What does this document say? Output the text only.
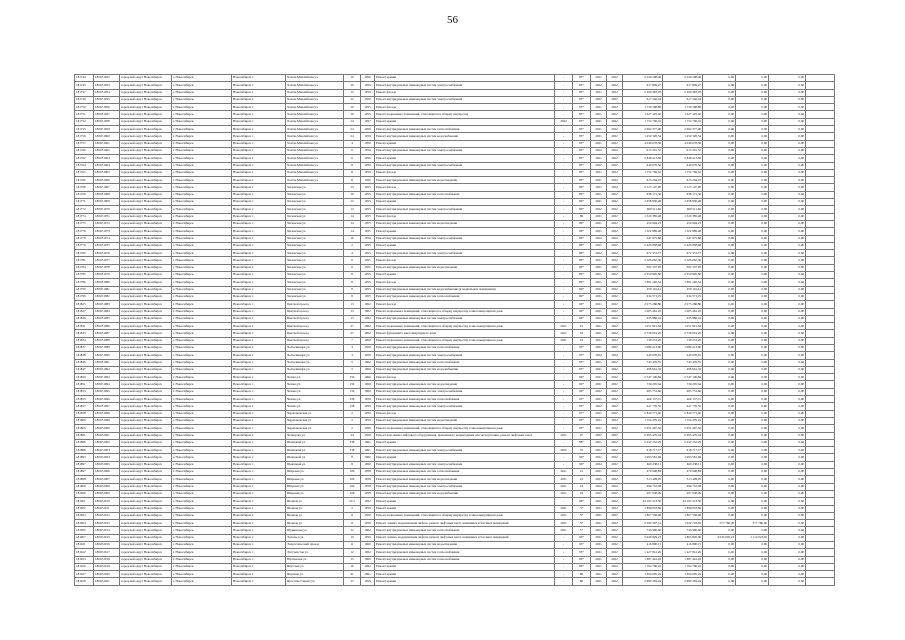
56
181744	1801E1952	городской округ Новосибирск	г. Новосибирск	Новосибирск г.	Ханты-Мансийская ул.	10	1956	Ремонт крыши	-	85*	2021	2022	2 540 298,42	2 540 298,42	0,00	0,00	0,00	
181745	1801E1953	городской округ Новосибирск	г. Новосибирск	Новосибирск г.	Ханты-Мансийская ул.	10	1956	Ремонт внутридомовых инженерных систем электроснабжения	-	85*	2022	2022	617 809,47	617 809,47	0,00	0,00	0,00	
181747	1801E1954	городской округ Новосибирск	г. Новосибирск	Новосибирск г.	Ханты-Мансийская ул.	12	1956	Ремонт фасада	-	85*	2021	2022	2 299 383,93	2 299 383,93	0,00	0,00	0,00	
181749	1801E1955	городской округ Новосибирск	г. Новосибирск	Новосибирск г.	Ханты-Мансийская ул.	12	1956	Ремонт внутридомовых инженерных систем электроснабжения	-	85*	2022	2022	617 246,24	617 246,24	0,00	0,00	0,00	
181750	1801E1956	городской округ Новосибирск	г. Новосибирск	Новосибирск г.	Ханты-Мансийская ул.	10	1955	Ремонт фасада	-	85*	2021	2022	1 730 398,88	1 730 398,88	0,00	0,00	0,00	
181751	1801E1957	городской округ Новосибирск	г. Новосибирск	Новосибирск г.	Ханты-Мансийская ул.	10	1955	Ремонт подвальных помещений, относящихся к общему имуществу	-	85*	2021	2022	1 627 293,40	1 627 293,40	0,00	0,00	0,00	
181752	1801E1958	городской округ Новосибирск	г. Новосибирск	Новосибирск г.	Ханты-Мансийская ул.	14	1957	Ремонт крыши	2022	85*	2021	2022	1 752 706,10	1 752 706,10	0,00	0,00	0,00	
181755	1801E1959	городской округ Новосибирск	г. Новосибирск	Новосибирск г.	Ханты-Мансийская ул.	24	1959	Ремонт внутридомовых инженерных систем теплоснабжения	-	85*	2021	2022	2 064 377,96	2 064 377,96	0,00	0,00	0,00	
181756	1801E1960	городской округ Новосибирск	г. Новосибирск	Новосибирск г.	Ханты-Мансийская ул.	24	1959	Ремонт внутридомовых инженерных систем водоснабжения	-	85*	2021	2022	1 450 320,54	1 450 320,54	0,00	0,00	0,00	
181757	1801E1961	городской округ Новосибирск	г. Новосибирск	Новосибирск г.	Ханты-Мансийская ул.	4	1956	Ремонт крыши	-	85*	2021	2022	4 049 670,38	4 049 670,38	0,00	0,00	0,00	
181760	1801E1962	городской округ Новосибирск	г. Новосибирск	Новосибирск г.	Ханты-Мансийская ул.	6	1956	Ремонт внутридомовых инженерных систем электроснабжения	-	85*	2022	2022	915 301,55	915 301,55	0,00	0,00	0,00	
181762	1801E1963	городской округ Новосибирск	г. Новосибирск	Новосибирск г.	Ханты-Мансийская ул.	6	1956	Ремонт крыши	-	85*	2021	2022	2 848 413,96	2 848 413,96	0,00	0,00	0,00	
181764	1801E1964	городской округ Новосибирск	г. Новосибирск	Новосибирск г.	Ханты-Мансийская ул.	8	1956	Ремонт внутридомовых инженерных систем электроснабжения	-	85*	2022	2022	449 676,56	449 676,56	0,00	0,00	0,00	
181765	1801E1965	городской округ Новосибирск	г. Новосибирск	Новосибирск г.	Ханты-Мансийская ул.	8	1956	Ремонт фасада	-	85*	2021	2022	1 752 706,10	1 752 706,10	0,00	0,00	0,00	
181766	1801E1966	городской округ Новосибирск	г. Новосибирск	Новосибирск г.	Ханты-Мансийская ул.	8	1956	Ремонт внутридомовых инженерных систем водоотведения	-	85*	2021	2022	413 264,47	413 264,47	0,00	0,00	0,00	
181768	1801E1967	городской округ Новосибирск	г. Новосибирск	Новосибирск г.	Хилокская ул.	13	1955	Ремонт фасада	-	89*	2021	2022	2 123 147,90	2 123 147,90	0,00	0,00	0,00	
181769	1801E1968	городской округ Новосибирск	г. Новосибирск	Новосибирск г.	Хилокская ул.	10	1955	Ремонт внутридомовых инженерных систем теплоснабжения	-	89*	2021	2022	658 171,36	658 171,36	0,00	0,00	0,00	
181771	1801E1969	городской округ Новосибирск	г. Новосибирск	Новосибирск г.	Хилокская ул.	12	1955	Ремонт крыши	-	89*	2021	2022	2 458 836,48	2 458 836,48	0,00	0,00	0,00	
181772	1801E1970	городской округ Новосибирск	г. Новосибирск	Новосибирск г.	Хилокская ул.	12	1955	Ремонт внутридомовых инженерных систем электроснабжения	-	89*	2022	2022	609 511,66	609 511,66	0,00	0,00	0,00	
181774	1801E1971	городской округ Новосибирск	г. Новосибирск	Новосибирск г.	Хилокская ул.	14	1955	Ремонт фасада	-	89	2021	2022	1 320 385,48	1 320 385,48	0,00	0,00	0,00	
181775	1801E1972	городской округ Новосибирск	г. Новосибирск	Новосибирск г.	Хилокская ул.	14	1955	Ремонт внутридомовых инженерных систем водоотведения	-	89*	2021	2022	450 964,25	450 964,25	0,00	0,00	0,00	
181776	1801E1973	городской округ Новосибирск	г. Новосибирск	Новосибирск г.	Хилокская ул.	14	1955	Ремонт крыши	-	89*	2021	2022	1 502 989,40	1 502 989,40	0,00	0,00	0,00	
181778	1801E1974	городской округ Новосибирск	г. Новосибирск	Новосибирск г.	Хилокская ул.	16	1956	Ремонт внутридомовых инженерных систем электроснабжения	-	89*	2022	2022	347 975,86	347 975,86	0,00	0,00	0,00	
181779	1801E1975	городской округ Новосибирск	г. Новосибирск	Новосибирск г.	Хилокская ул.	2	1955	Ремонт крыши	-	89*	2021	2022	2 426 858,48	2 426 858,48	0,00	0,00	0,00	
181780	1801E1976	городской округ Новосибирск	г. Новосибирск	Новосибирск г.	Хилокская ул.	4	1955	Ремонт внутридомовых инженерных систем электроснабжения	-	89*	2022	2022	672 351,77	672 351,77	0,00	0,00	0,00	
181781	1801E1977	городской округ Новосибирск	г. Новосибирск	Новосибирск г.	Хилокская ул.	6	1955	Ремонт фасада	-	89*	2021	2022	2 106 062,30	2 106 062,30	0,00	0,00	0,00	
181784	1801E1978	городской округ Новосибирск	г. Новосибирск	Новосибирск г.	Хилокская ул.	6	1955	Ремонт внутридомовых инженерных систем водоотведения	-	89*	2021	2022	392 337,95	392 337,95	0,00	0,00	0,00	
181785	1801E1979	городской округ Новосибирск	г. Новосибирск	Новосибирск г.	Хилокская ул.	8	1955	Ремонт крыши	-	89*	2021	2022	2 350 820,80	2 350 820,80	0,00	0,00	0,00	
181786	1801E1980	городской округ Новосибирск	г. Новосибирск	Новосибирск г.	Хилокская ул.	8	1955	Ремонт фасада	-	89*	2021	2022	1 881 240,54	1 881 240,54	0,00	0,00	0,00	
181790	1801E1981	городской округ Новосибирск	г. Новосибирск	Новосибирск г.	Хилокская ул.	8	1955	Ремонт внутридомовых инженерных систем водоснабжения (в подвальном помещении)	-	89*	2021	2022	459 116,41	459 116,41	0,00	0,00	0,00	
181799	1801E1982	городской округ Новосибирск	г. Новосибирск	Новосибирск г.	Хилокская ул.	8	1955	Ремонт внутридомовых инженерных систем теплоснабжения	-	89*	2021	2022	634 571,25	634 571,25	0,00	0,00	0,00	
181825	1801E1983	городской округ Новосибирск	г. Новосибирск	Новосибирск г.	Цветной проезд	13	1962	Ремонт фасада	-	90*	2021	2022	2 273 286,86	2 273 286,86	0,00	0,00	0,00	
181827	1801E1984	городской округ Новосибирск	г. Новосибирск	Новосибирск г.	Цветной проезд	13	1962	Ремонт подвальных помещений, относящихся к общему имуществу в многоквартирном доме	-	90*	2021	2022	1 005 481,45	1 005 481,45	0,00	0,00	0,00	
181829	1801E1985	городской округ Новосибирск	г. Новосибирск	Новосибирск г.	Цветной проезд	13	1962	Ремонт внутридомовых инженерных систем электроснабжения	-	90*	2022	2022	435 886,24	435 886,24	0,00	0,00	0,00	
181831	1801E1986	городской округ Новосибирск	г. Новосибирск	Новосибирск г.	Цветной проезд	27	1962	Ремонт подвальных помещений, относящихся к общему имуществу в многоквартирном доме	2021	91	2021	2022	1 951 821,04	1 951 821,04	0,00	0,00	0,00	
181833	1801E1987	городской округ Новосибирск	г. Новосибирск	Новосибирск г.	Цветной проезд	27	1962	Ремонт фундамента многоквартирного дома	2021	91	2021	2022	2 739 661,29	2 739 661,29	0,00	0,00	0,00	
181834	1801E1988	городской округ Новосибирск	г. Новосибирск	Новосибирск г.	Цветной проезд	7	1960	Ремонт подвальных помещений, относящихся к общему имуществу в многоквартирном доме	2021	91	2021	2022	739 231,20	739 231,20	0,00	0,00	0,00	
181837	1801E1989	городской округ Новосибирск	г. Новосибирск	Новосибирск г.	Челюскинцев ул.	3	1959	Ремонт внутридомовых инженерных систем теплоснабжения	-	93*	2021	2022	1 086 213,90	1 086 213,90	0,00	0,00	0,00	
181838	1801E1990	городской округ Новосибирск	г. Новосибирск	Новосибирск г.	Челюскинцев ул.	3	1959	Ремонт внутридомовых инженерных систем электроснабжения	-	93*	2022	2022	240 605,91	240 605,91	0,00	0,00	0,00	
181846	1801E1991	городской округ Новосибирск	г. Новосибирск	Новосибирск г.	Челюскинцев ул.	5	1960	Ремонт внутридомовых инженерных систем теплоснабжения	-	93*	2021	2022	743 476,35	743 476,35	0,00	0,00	0,00	
181847	1801E1992	городской округ Новосибирск	г. Новосибирск	Новосибирск г.	Челюскинцев ул.	5	1960	Ремонт внутридомовых инженерных систем водоснабжения	-	93*	2021	2022	498 961,35	498 961,35	0,00	0,00	0,00	
181850	1801E1993	городской округ Новосибирск	г. Новосибирск	Новосибирск г.	Чехова ул.	156	1960	Ремонт фасада	-	99*	2021	2022	2 547 100,84	2 547 100,84	0,00	0,00	0,00	
181851	1801E1994	городской округ Новосибирск	г. Новосибирск	Новосибирск г.	Чехова ул.	156	1960	Ремонт внутридомовых инженерных систем водоотведения	-	99*	2021	2022	730 205,64	730 205,64	0,00	0,00	0,00	
181853	1801E1995	городской округ Новосибирск	г. Новосибирск	Новосибирск г.	Чехова ул.	156	1960	Ремонт внутридомовых инженерных систем электроснабжения	-	99*	2022	2022	695 751,66	695 751,66	0,00	0,00	0,00	
181855	1801E1996	городской округ Новосибирск	г. Новосибирск	Новосибирск г.	Чехова ул.	158	1959	Ремонт внутридомовых инженерных систем теплоснабжения	-	95*	2021	2022	469 157,15	469 157,15	0,00	0,00	0,00	
181857	1801E1997	городской округ Новосибирск	г. Новосибирск	Новосибирск г.	Чехова ул.	158	1959	Ремонт внутридомовых инженерных систем электроснабжения	-	95*	2022	2022	447 735,55	447 735,55	0,00	0,00	0,00	
181858	1801E1998	городской округ Новосибирск	г. Новосибирск	Новосибирск г.	Черепановская ул.	2	1956	Ремонт фасада	-	95*	2021	2022	2 820 771,46	2 820 771,46	0,00	0,00	0,00	
181860	1801E1999	городской округ Новосибирск	г. Новосибирск	Новосибирск г.	Черепановская ул.	2	1956	Ремонт внутридомовых инженерных систем водоотведения	-	95*	2021	2022	1 724 476,24	1 724 476,24	0,00	0,00	0,00	
181866	1801E2000	городской округ Новосибирск	г. Новосибирск	Новосибирск г.	Черепановская ул.	2	1956	Ремонт подвальных помещений, относящихся к общему имуществу в многоквартирном доме	-	95*	2021	2022	2 951 467,32	2 951 467,32	0,00	0,00	0,00	
181881	1801E2001	городской округ Новосибирск	г. Новосибирск	Новосибирск г.	Четвертая ул.	24	1959	Ремонт или замена лифтового оборудования, признанного непригодным для эксплуатации, ремонт лифтовых шахт	2021	4*	2022	2022	2 695 470,24	2 695 470,24	0,00	0,00	0,00	
181886	1801E2002	городской округ Новосибирск	г. Новосибирск	Новосибирск г.	Шевцовой ул.	338	1961	Ремонт крыши	-	98*	2021	2022	2 047 152,29	2 047 152,29	0,00	0,00	0,00	
181888	1801E2003	городской округ Новосибирск	г. Новосибирск	Новосибирск г.	Шевцовой ул.	338	1961	Ремонт внутридомовых инженерных систем электроснабжения	2022	70	2021	2022	418 717,17	418 717,17	0,00	0,00	0,00	
181893	1801E2004	городской округ Новосибирск	г. Новосибирск	Новосибирск г.	Шевцовой ул.	8	1960	Ремонт крыши	-	96*	2021	2022	1 993 581,69	1 993 581,69	0,00	0,00	0,00	
181897	1801E2005	городской округ Новосибирск	г. Новосибирск	Новосибирск г.	Шевцовой ул.	8	1960	Ремонт внутридомовых инженерных систем электроснабжения	-	96*	2022	2022	469 230,11	469 230,11	0,00	0,00	0,00	
181897	1801E2006	городской округ Новосибирск	г. Новосибирск	Новосибирск г.	Широкая ул.	109	1958	Ремонт внутридомовых инженерных систем теплоснабжения	2021	23	2021	2022	470 990,83	470 990,83	0,00	0,00	0,00	
181898	1801E2007	городской округ Новосибирск	г. Новосибирск	Новосибирск г.	Широкая ул.	109	1958	Ремонт внутридомовых инженерных систем водоотведения	2021	23	2021	2022	313 409,05	313 409,05	0,00	0,00	0,00	
181899	1801E2008	городской округ Новосибирск	г. Новосибирск	Новосибирск г.	Широкая ул.	109	1958	Ремонт внутридомовых инженерных систем электроснабжения	2021	23	2022	2022	496 701,39	496 701,39	0,00	0,00	0,00	
181900	1801E2009	городской округ Новосибирск	г. Новосибирск	Новосибирск г.	Широкая ул.	109	1958	Ремонт внутридомовых инженерных систем водоснабжения	2021	23	2021	2022	207 936,49	207 936,49	0,00	0,00	0,00	
181901	1801E2010	городской округ Новосибирск	г. Новосибирск	Новосибирск г.	Шорная ул.	27/1	1952	Ремонт крыши	-	96*	2021	2022	24 197 213,36	24 197 213,36	0,00	0,00	0,00	
181902	1801E2011	городской округ Новосибирск	г. Новосибирск	Новосибирск г.	Шорная ул.	2	1956	Ремонт крыши	2021	3*	2021	2022	1 899 853,80	1 899 853,80	0,00	0,00	0,00	
181903	1801E2012	городской округ Новосибирск	г. Новосибирск	Новосибирск г.	Шорная ул.	8	1956	Ремонт подвальных помещений, относящихся к общему имуществу в многоквартирном доме	2021	3*	2021	2022	1 867 556,48	1 867 556,48	0,00	0,00	0,00	
181904	1801E2013	городской округ Новосибирск	г. Новосибирск	Новосибирск г.	Шорная ул.	8	1956	Ремонт, замена, модернизация лифтов, ремонт лифтовых шахт, машинных и блочных помещений	2021	3*	2021	2022	2 500 397,14	1 922 701,04	577 786,00	577 786,00	0,00	
181905	1801E2014	городской округ Новосибирск	г. Новосибирск	Новосибирск г.	Щукинская ул.	12	1962	Ремонт внутридомовых инженерных систем теплоснабжения	2021	5*	2021	2022	743 996,46	743 996,46	0,00	0,00	0,00	
181907	1801E2015	городской округ Новосибирск	г. Новосибирск	Новосибирск г.	Энгельса ул.	10	1956	Ремонт, замена, модернизация лифтов, ремонт лифтовых шахт, машинных и блочных помещений	-	96*	2021	2022	5 940 829,23	1 863 826,00	4 043 003,23	1 114 023,00	0,00	
181921	1801E2016	городской округ Новосибирск	г. Новосибирск	Новосибирск г.	Энергетический проезд	11	1960	Ремонт внутридомовых инженерных систем водоотведения	-	95*	2021	2022	416 890,15	416 890,15	0,00	0,00	0,00	
181922	1801E2017	городской округ Новосибирск	г. Новосибирск	Новосибирск г.	Энтузиастов ул.	12	1962	Ремонт внутридомовых инженерных систем теплоснабжения	-	95*	2021	2022	1 427 812,26	1 427 812,26	0,00	0,00	0,00	
181923	1801E2018	городской округ Новосибирск	г. Новосибирск	Новосибирск г.	Юргинская ул.	15	1960	Ремонт внутридомовых инженерных систем теплоснабжения	-	80*	2021	2022	1 887 461,45	1 887 461,45	0,00	0,00	0,00	
181926	1801E2019	городской округ Новосибирск	г. Новосибирск	Новосибирск г.	Якутская ул.	16	1962	Ремонт крыши	-	80*	2021	2022	1 764 790,24	1 764 790,24	0,00	0,00	0,00	
181927	1801E2020	городской округ Новосибирск	г. Новосибирск	Новосибирск г.	Якушева ул.	41	1961	Ремонт крыши	-	80	2021	2022	1 394 095,24	1 394 095,24	0,00	0,00	0,00	
181928	1801E2021	городской округ Новосибирск	г. Новосибирск	Новосибирск г.	Ярослава Гашека ул.	13	1959	Ремонт крыши	-	80	2021	2022	2 980 283,24	2 980 283,24	0,00	0,00	0,00	
